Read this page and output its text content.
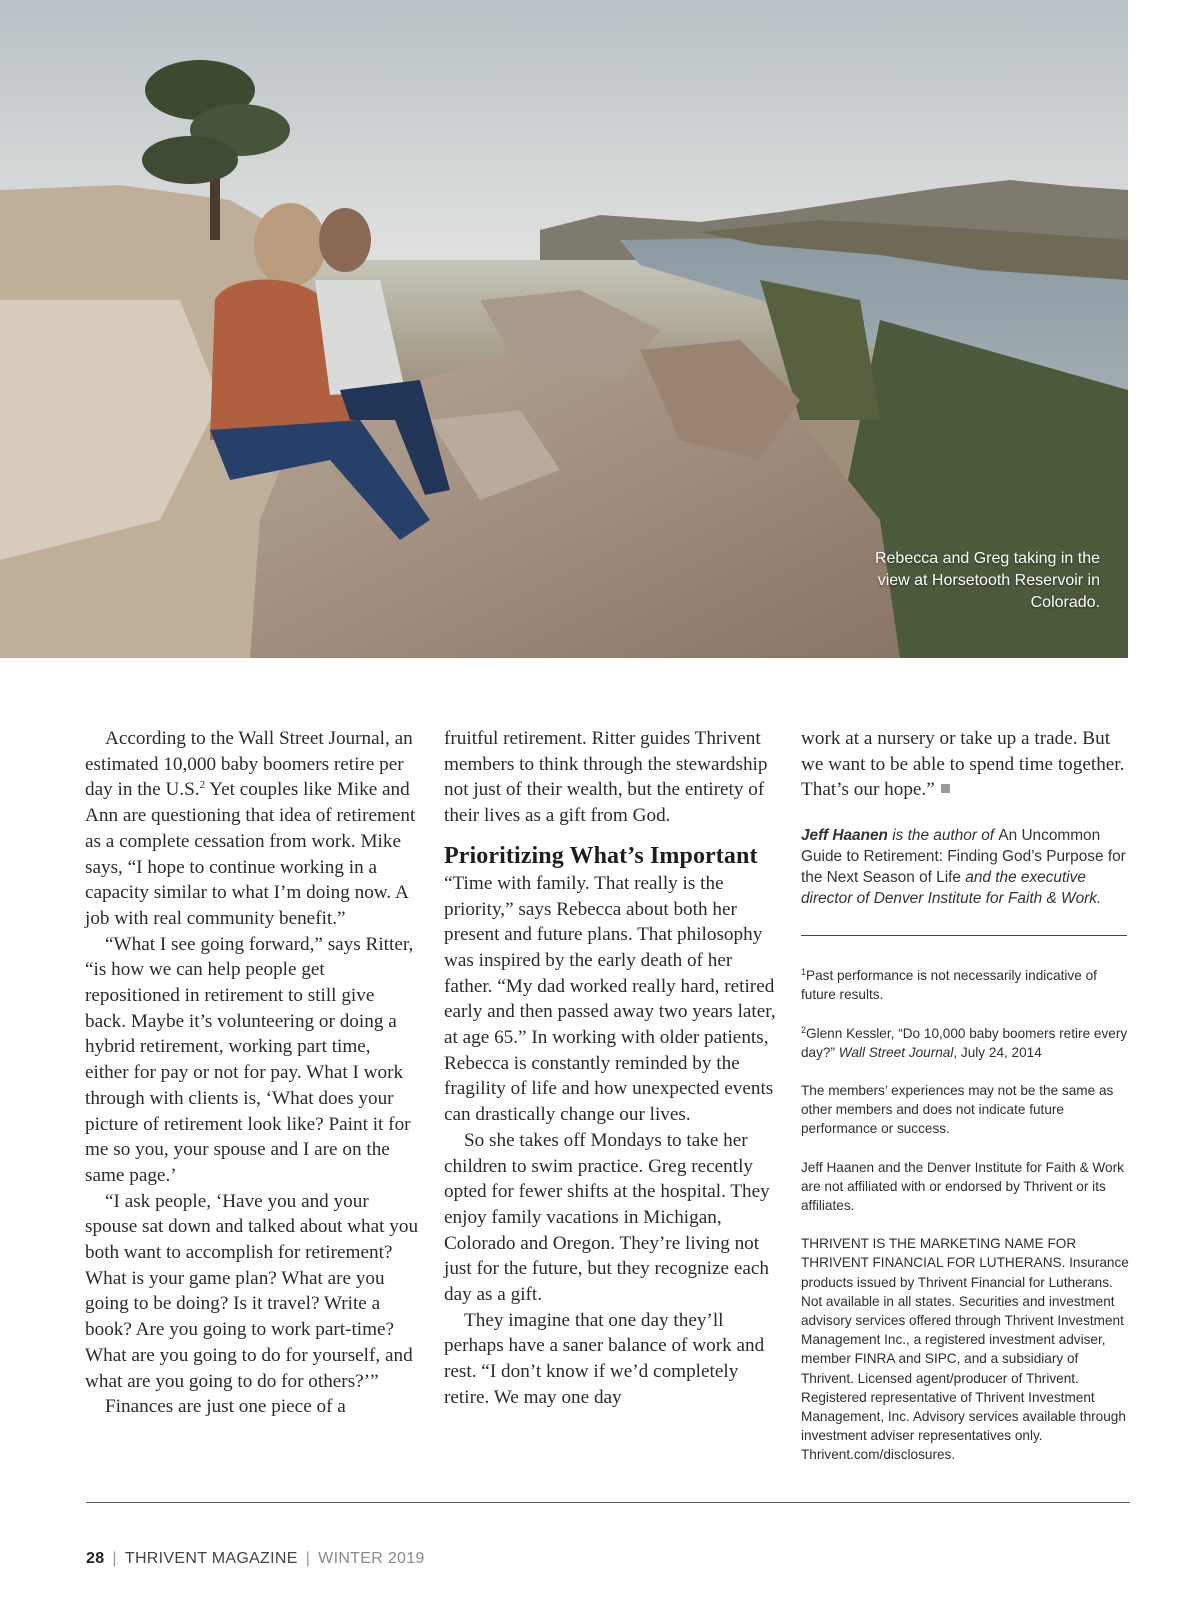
Rebecca and Greg taking in the view at Horsetooth Reservoir in Colorado.

According to the Wall Street Journal, an estimated 10,000 baby boomers retire per day in the U.S.$^2$ Yet couples like Mike and Ann are questioning that idea of retirement as a complete cessation from work. Mike says, “I hope to continue working in a capacity similar to what I’m doing now. A job with real community benefit.”

“What I see going forward,” says Ritter, “is how we can help people get repositioned in retirement to still give back. Maybe it’s volunteering or doing a hybrid retirement, working part time, either for pay or not for pay. What I work through with clients is, ‘What does your picture of retirement look like? Paint it for me so you, your spouse and I are on the same page.’

“I ask people, ‘Have you and your spouse sat down and talked about what you both want to accomplish for retirement? What is your game plan? What are you going to be doing? Is it travel? Write a book? Are you going to work part-time? What are you going to do for yourself, and what are you going to do for others?’”

Finances are just one piece of a

fruitful retirement. Ritter guides Thrivent members to think through the stewardship not just of their wealth, but the entirety of their lives as a gift from God.

Prioritizing What’s Important

“Time with family. That really is the priority,” says Rebecca about both her present and future plans. That philosophy was inspired by the early death of her father. “My dad worked really hard, retired early and then passed away two years later, at age 65.” In working with older patients, Rebecca is constantly reminded by the fragility of life and how unexpected events can drastically change our lives.

So she takes off Mondays to take her children to swim practice. Greg recently opted for fewer shifts at the hospital. They enjoy family vacations in Michigan, Colorado and Oregon. They’re living not just for the future, but they recognize each day as a gift.

They imagine that one day they’ll perhaps have a saner balance of work and rest. “I don’t know if we’d completely retire. We may one day

work at a nursery or take up a trade. But we want to be able to spend time together. That’s our hope.”

Jeff Haanen is the author of An Uncommon Guide to Retirement: Finding God’s Purpose for the Next Season of Life and the executive director of Denver Institute for Faith & Work.

$^1$Past performance is not necessarily indicative of future results.

$^2$Glenn Kessler, “Do 10,000 baby boomers retire every day?” Wall Street Journal, July 24, 2014

The members’ experiences may not be the same as other members and does not indicate future performance or success.

Jeff Haanen and the Denver Institute for Faith & Work are not affiliated with or endorsed by Thrivent or its affiliates.

THRIVENT IS THE MARKETING NAME FOR THRIVENT FINANCIAL FOR LUTHERANS. Insurance products issued by Thrivent Financial for Lutherans. Not available in all states. Securities and investment advisory services offered through Thrivent Investment Management Inc., a registered investment adviser, member FINRA and SIPC, and a subsidiary of Thrivent. Licensed agent/producer of Thrivent. Registered representative of Thrivent Investment Management, Inc. Advisory services available through investment adviser representatives only. Thrivent.com/disclosures.

28 | THRIVENT MAGAZINE | WINTER 2019
